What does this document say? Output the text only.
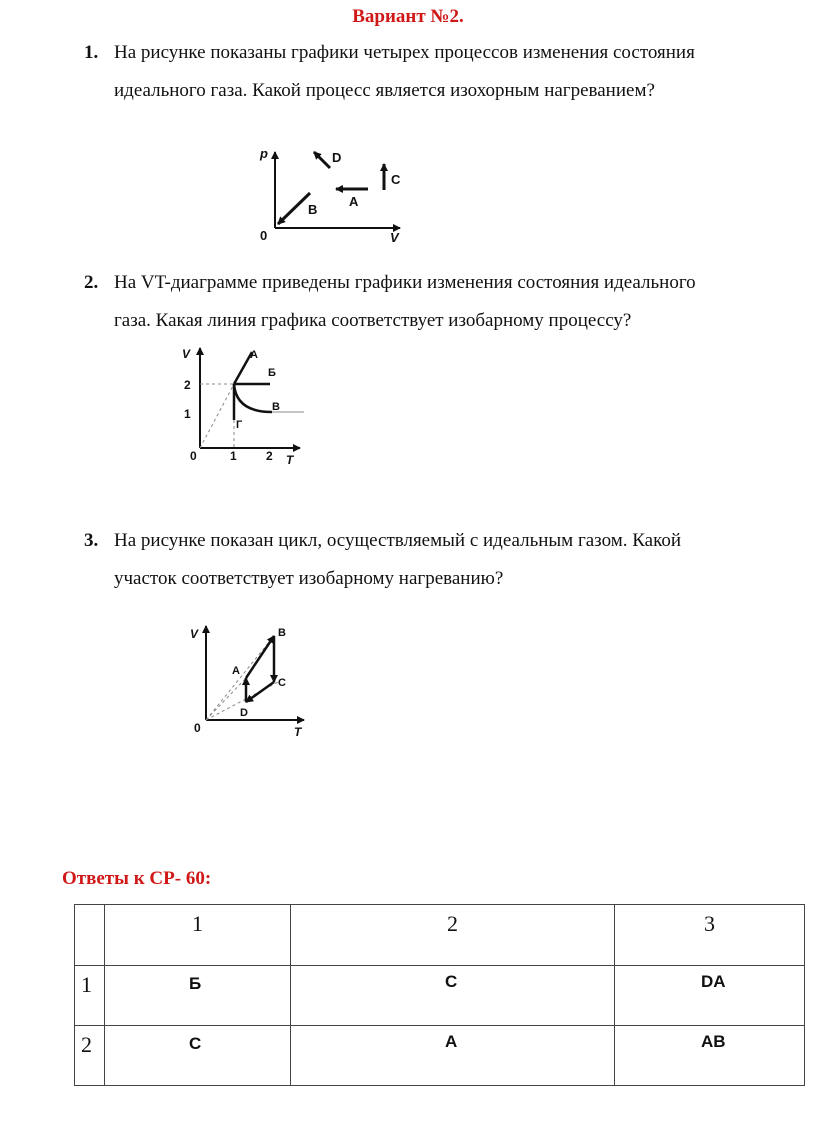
Вариант №2.
1. На рисунке показаны графики четырех процессов изменения состояния
идеального газа. Какой процесс является изохорным нагреванием?
p
V
0
D
C
A
B
2. На VT-диаграмме приведены графики изменения состояния идеального
газа. Какая линия графика соответствует изобарному процессу?
V
T
0	1 2
2
1
А
Б
В
Г
3. На рисунке показан цикл, осуществляемый с идеальным газом. Какой
участок соответствует изобарному нагреванию?
V
T
0
A
B
C
D
Ответы к СР- 60:
	1	2	3
1	Б	С	DA
2	С	А	АВ
